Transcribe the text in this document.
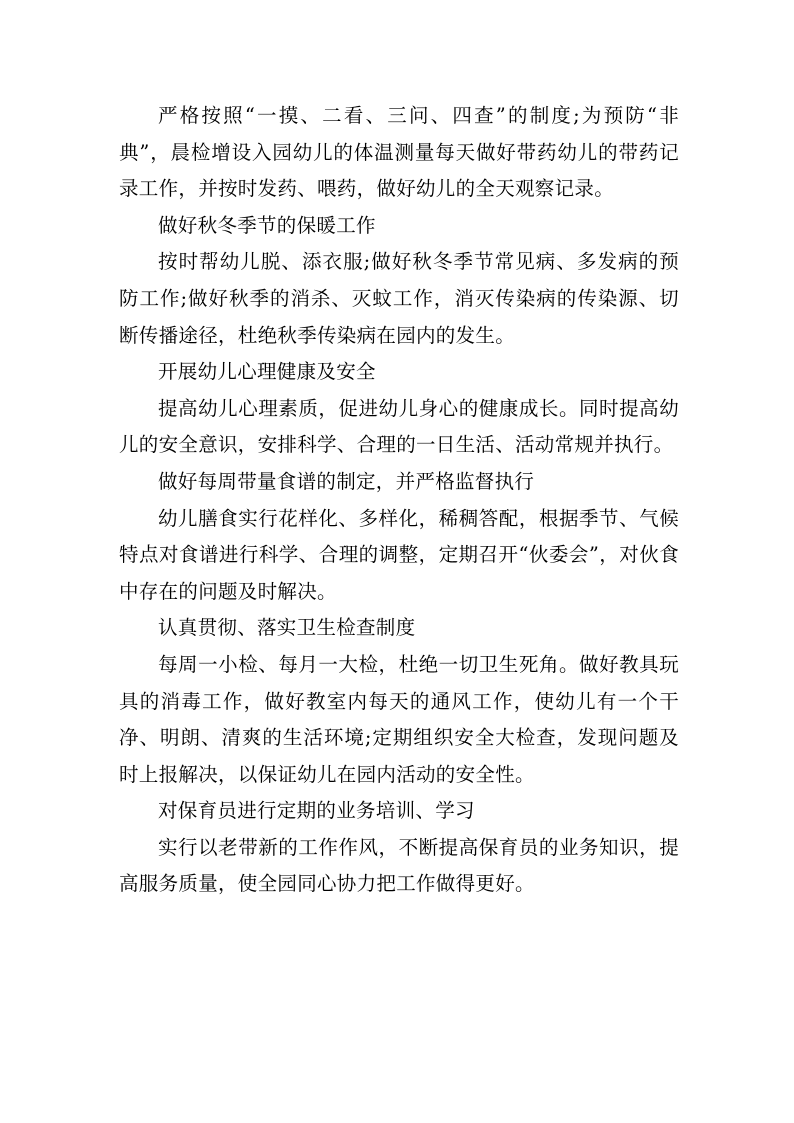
严格按照“一摸、二看、三问、四查”的制度;为预防“非典”，晨检增设入园幼儿的体温测量每天做好带药幼儿的带药记录工作，并按时发药、喂药，做好幼儿的全天观察记录。

做好秋冬季节的保暖工作

按时帮幼儿脱、添衣服;做好秋冬季节常见病、多发病的预防工作;做好秋季的消杀、灭蚊工作，消灭传染病的传染源、切断传播途径，杜绝秋季传染病在园内的发生。

开展幼儿心理健康及安全

提高幼儿心理素质，促进幼儿身心的健康成长。同时提高幼儿的安全意识，安排科学、合理的一日生活、活动常规并执行。

做好每周带量食谱的制定，并严格监督执行

幼儿膳食实行花样化、多样化，稀稠答配，根据季节、气候特点对食谱进行科学、合理的调整，定期召开“伙委会”，对伙食中存在的问题及时解决。

认真贯彻、落实卫生检查制度

每周一小检、每月一大检，杜绝一切卫生死角。做好教具玩具的消毒工作，做好教室内每天的通风工作，使幼儿有一个干净、明朗、清爽的生活环境;定期组织安全大检查，发现问题及时上报解决，以保证幼儿在园内活动的安全性。

对保育员进行定期的业务培训、学习

实行以老带新的工作作风，不断提高保育员的业务知识，提高服务质量，使全园同心协力把工作做得更好。
